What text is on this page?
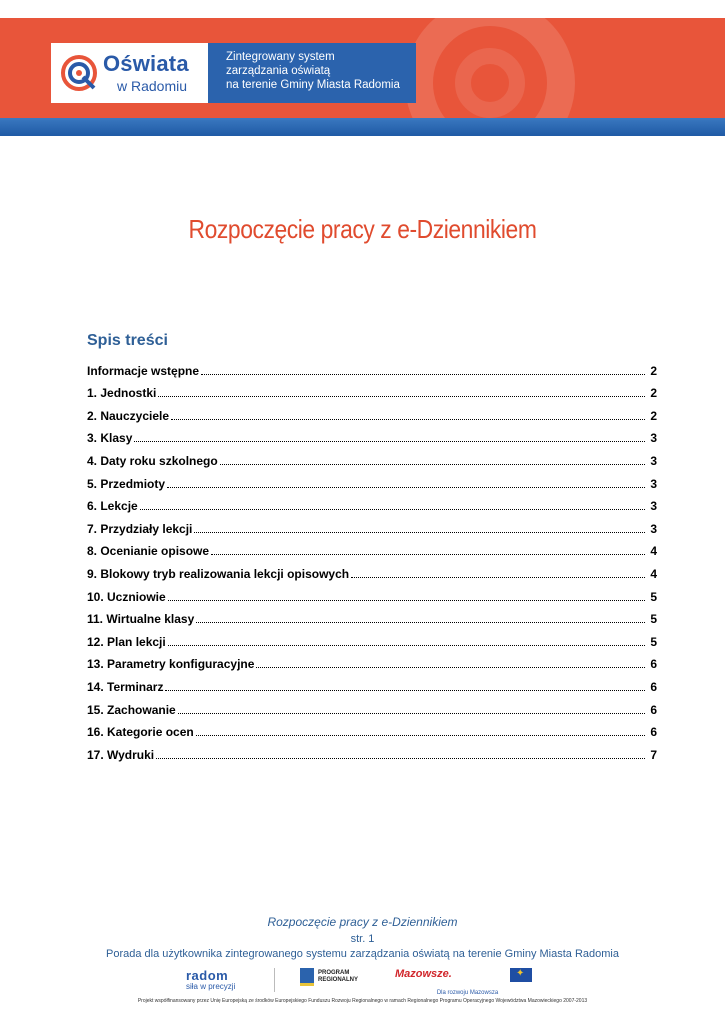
Oświata
w Radomiu
Zintegrowany system
zarządzania oświatą
na terenie Gminy Miasta Radomia
Rozpoczęcie pracy z e-Dziennikiem
Spis treści
Informacje wstępne	2
1. Jednostki	2
2. Nauczyciele	2
3. Klasy	3
4. Daty roku szkolnego	3
5. Przedmioty	3
6. Lekcje	3
7. Przydziały lekcji	3
8. Ocenianie opisowe	4
9. Blokowy tryb realizowania lekcji opisowych	4
10. Uczniowie	5
11. Wirtualne klasy	5
12. Plan lekcji	5
13. Parametry konfiguracyjne	6
14. Terminarz	6
15. Zachowanie	6
16. Kategorie ocen	6
17. Wydruki	7
Rozpoczęcie pracy z e-Dziennikiem
str. 1
Porada dla użytkownika zintegrowanego systemu zarządzania oświatą na terenie Gminy Miasta Radomia
radom
siła w precyzji
PROGRAM
REGIONALNY	Mazowsze.
✦
Dla rozwoju Mazowsza
Projekt współfinansowany przez Unię Europejską ze środków Europejskiego Funduszu Rozwoju Regionalnego w ramach Regionalnego Programu Operacyjnego Województwa Mazowieckiego 2007-2013
